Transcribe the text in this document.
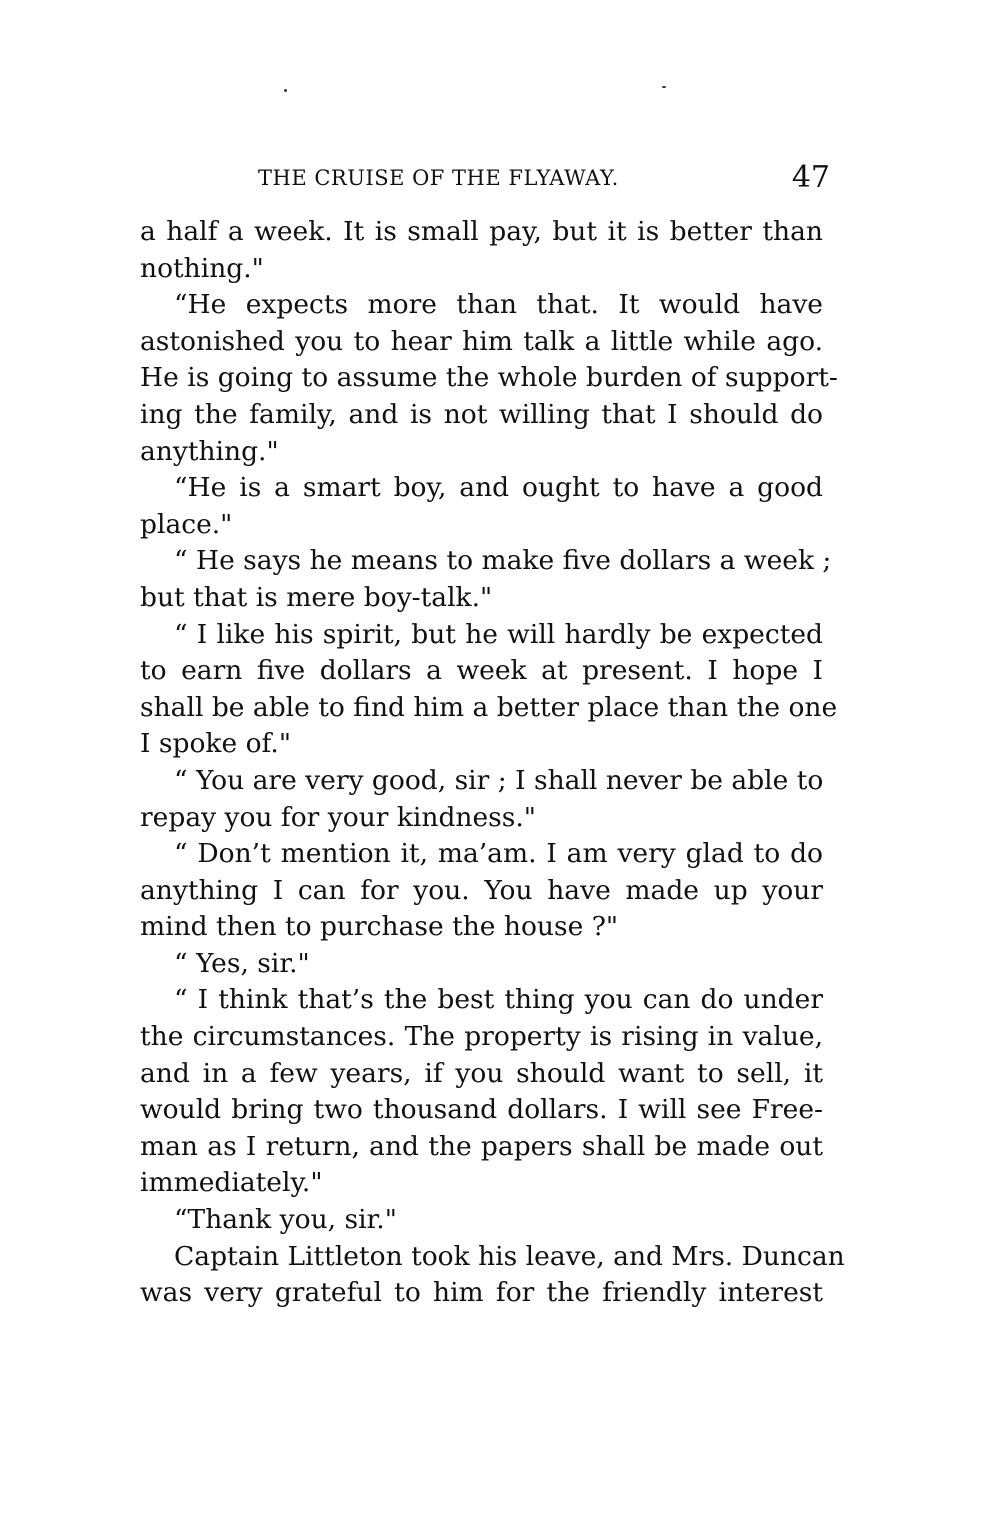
THE CRUISE OF THE FLYAWAY.	47
a half a week. It is small pay, but it is better than
nothing."
“He expects more than that. It would have
astonished you to hear him talk a little while ago.
He is going to assume the whole burden of support-
ing the family, and is not willing that I should do
anything."
“He is a smart boy, and ought to have a good
place."
“ He says he means to make five dollars a week ;
but that is mere boy-talk."
“ I like his spirit, but he will hardly be expected
to earn five dollars a week at present. I hope I
shall be able to find him a better place than the one
I spoke of."
“ You are very good, sir ; I shall never be able to
repay you for your kindness."
“ Don’t mention it, ma’am. I am very glad to do
anything I can for you. You have made up your
mind then to purchase the house ?"
“ Yes, sir."
“ I think that’s the best thing you can do under
the circumstances. The property is rising in value,
and in a few years, if you should want to sell, it
would bring two thousand dollars. I will see Free-
man as I return, and the papers shall be made out
immediately."
“Thank you, sir."
Captain Littleton took his leave, and Mrs. Duncan
was very grateful to him for the friendly interest
